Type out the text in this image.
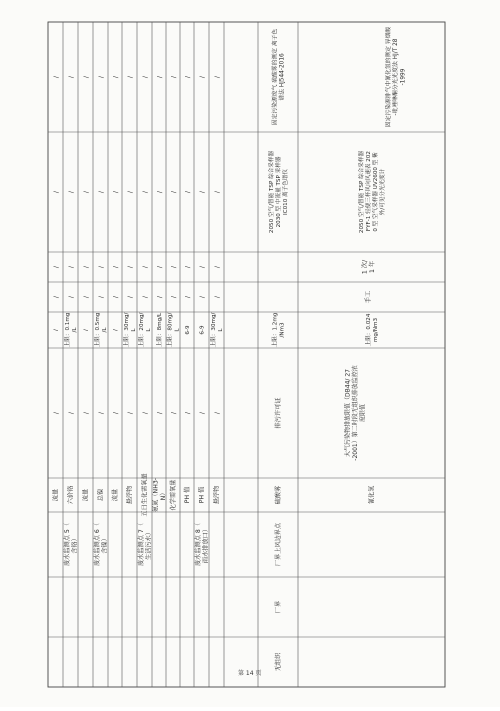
流量
/
/
/
/
/
/
六价铬
上限：0.1mg/L
废水监测点 5（含铬）
/
/
/
/
/
流量
/
/
/
/
/
/
总镍
上限：0.5mg/L
废水监测点 6（含镍）
/
/
/
/
/
流量
/
/
/
/
/
/
悬浮物
上限：30mg/L
/
/
/
/
/
五日生化需氧量
上限：20mg/L
废水监测点 7（生活污水）
/
/
/
/
/
氨氮（NH3-N）
上限：8mg/L
/
/
/
/
/
化学需氧量
上限：80mg/L
/
/
/
/
/
PH 值
6-9
/
/
/
/
/
PH 值
6-9
废水监测点 8（雨水排放口）
/
/
/
/
/
悬浮物
上限：30mg/L
/
/
/
/
/
硫酸雾
上限：1.2mg/Nm3
厂界上风边界点
无组织
厂界
2050 空气/智能 TSP 综合采样器 2030 型 中流量 TSP 采样器 IC010 离子色谱仪
氰化氢
上限：0.024mg/Nm3
2050 空气/智能 TSP 综合采样器 FYF-1 轻便三杯风向风速表 2020 型 空气采样器 UV2600 型 紫外/可见分光光度计
排污许可证	大气污染物排放限值（DB44/ 27-2001）第二时段无组织排放监控浓度限值
手工
1 次/1 年
固定污染源废气 硫酸雾的测定 离子色谱法 HJ544-2016	固定污染源排气中氰化氢的测定 异烟酸-吡唑啉酮分光光度法 HJ/T 28-1999
第 14 页
